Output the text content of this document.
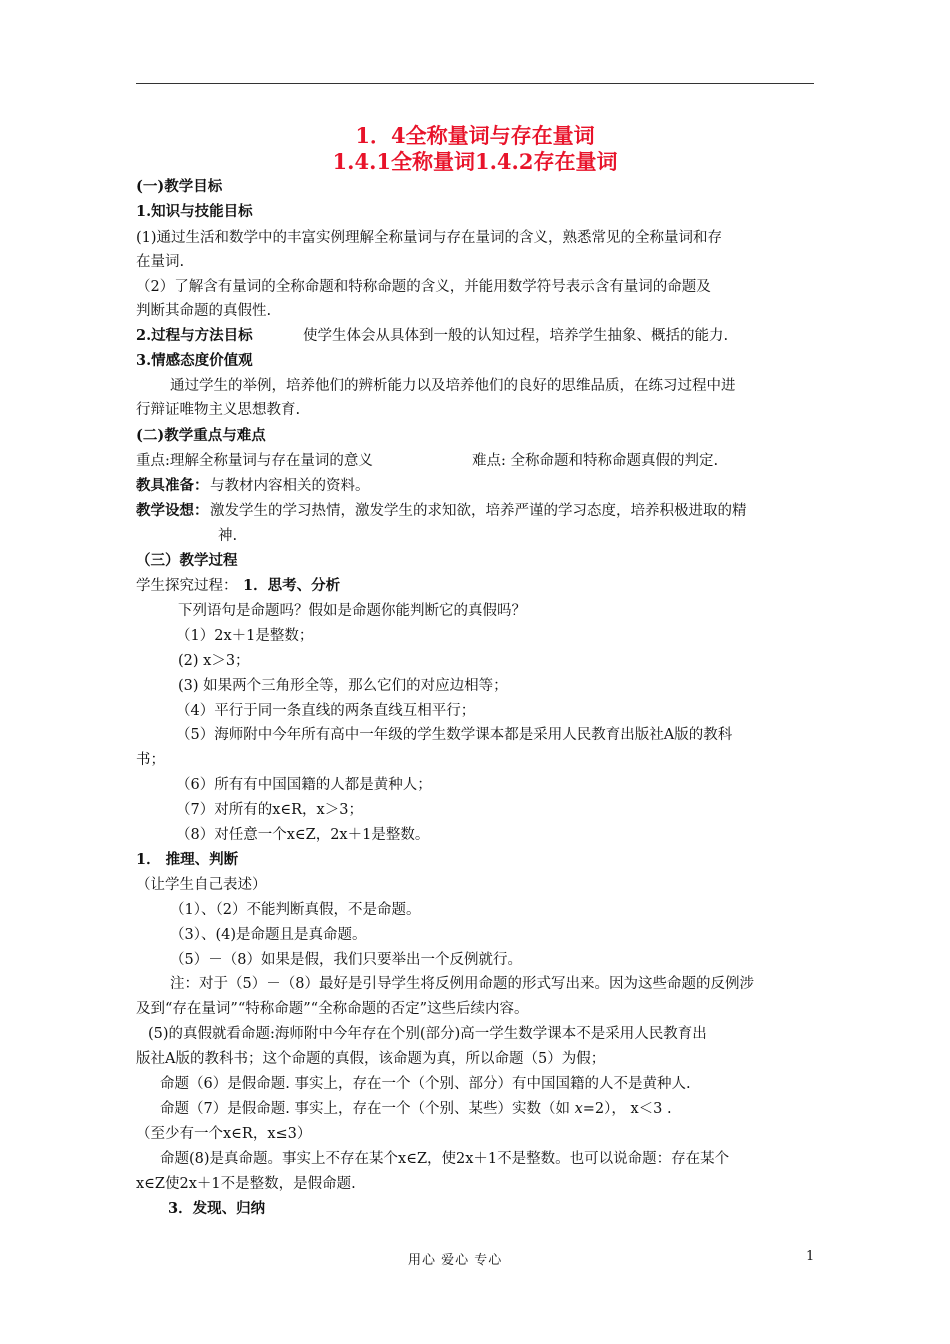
1．4全称量词与存在量词
1.4.1全称量词1.4.2存在量词
(一)教学目标
1.知识与技能目标
(1)通过生活和数学中的丰富实例理解全称量词与存在量词的含义，熟悉常见的全称量词和存
在量词.
（2）了解含有量词的全称命题和特称命题的含义，并能用数学符号表示含有量词的命题及
判断其命题的真假性.
2.过程与方法目标	使学生体会从具体到一般的认知过程，培养学生抽象、概括的能力.
3.情感态度价值观
通过学生的举例，培养他们的辨析能力以及培养他们的良好的思维品质，在练习过程中进
行辩证唯物主义思想教育.
(二)教学重点与难点
重点:理解全称量词与存在量词的意义	难点: 全称命题和特称命题真假的判定.
教具准备： 与教材内容相关的资料。
教学设想： 激发学生的学习热情，激发学生的求知欲，培养严谨的学习态度，培养积极进取的精
神.
（三）教学过程
学生探究过程： 1．思考、分析
下列语句是命题吗？假如是命题你能判断它的真假吗？
（1）2x＋1是整数；
(2) x＞3；
(3) 如果两个三角形全等，那么它们的对应边相等；
（4）平行于同一条直线的两条直线互相平行；
（5）海师附中今年所有高中一年级的学生数学课本都是采用人民教育出版社A版的教科
书；
（6）所有有中国国籍的人都是黄种人；
（7）对所有的x∈R，x＞3；
（8）对任意一个x∈Z，2x＋1是整数。
1． 推理、判断
（让学生自己表述）
（1）、（2）不能判断真假，不是命题。
（3）、(4)是命题且是真命题。
（5）－（8）如果是假，我们只要举出一个反例就行。
注：对于（5）－（8）最好是引导学生将反例用命题的形式写出来。因为这些命题的反例涉
及到“存在量词”“特称命题”“全称命题的否定”这些后续内容。
(5)的真假就看命题:海师附中今年存在个别(部分)高一学生数学课本不是采用人民教育出
版社A版的教科书；这个命题的真假，该命题为真，所以命题（5）为假；
命题（6）是假命题. 事实上，存在一个（个别、部分）有中国国籍的人不是黄种人.
命题（7）是假命题. 事实上，存在一个（个别、某些）实数（如 x=2）， x＜3 .
（至少有一个x∈R，x≤3）
命题(8)是真命题。事实上不存在某个x∈Z，使2x＋1不是整数。也可以说命题：存在某个
x∈Z使2x＋1不是整数，是假命题.
3．发现、归纳
用心 爱心 专心	1
